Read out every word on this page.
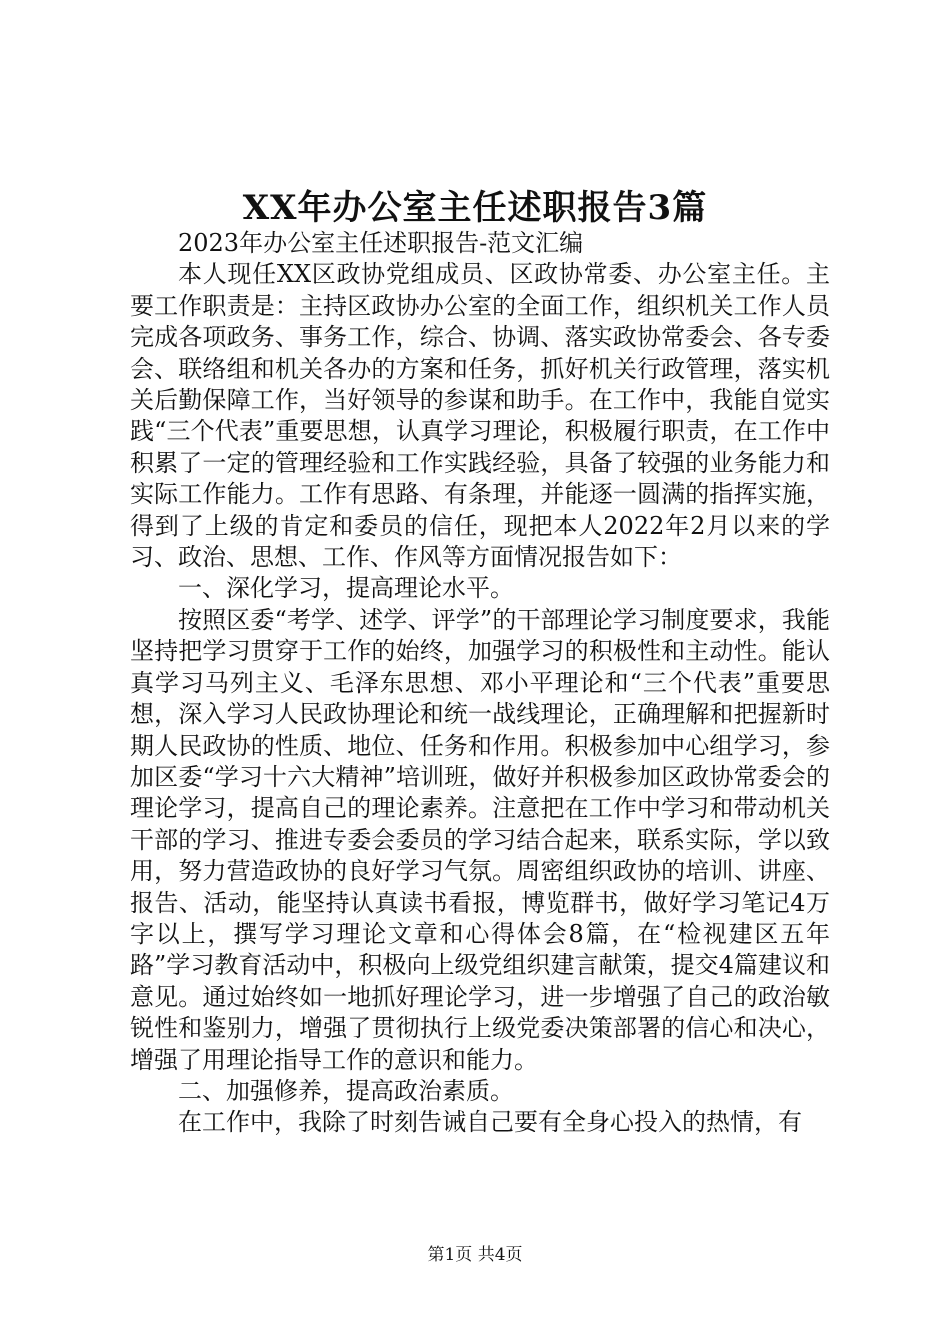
XX年办公室主任述职报告3篇

2023年办公室主任述职报告-范文汇编

本人现任XX区政协党组成员、区政协常委、办公室主任。主要工作职责是：主持区政协办公室的全面工作，组织机关工作人员完成各项政务、事务工作，综合、协调、落实政协常委会、各专委会、联络组和机关各办的方案和任务，抓好机关行政管理，落实机关后勤保障工作，当好领导的参谋和助手。在工作中，我能自觉实践“三个代表”重要思想，认真学习理论，积极履行职责，在工作中积累了一定的管理经验和工作实践经验，具备了较强的业务能力和实际工作能力。工作有思路、有条理，并能逐一圆满的指挥实施，得到了上级的肯定和委员的信任，现把本人2022年2月以来的学习、政治、思想、工作、作风等方面情况报告如下：

一、深化学习，提高理论水平。

按照区委“考学、述学、评学”的干部理论学习制度要求，我能坚持把学习贯穿于工作的始终，加强学习的积极性和主动性。能认真学习马列主义、毛泽东思想、邓小平理论和“三个代表”重要思想，深入学习人民政协理论和统一战线理论，正确理解和把握新时期人民政协的性质、地位、任务和作用。积极参加中心组学习，参加区委“学习十六大精神”培训班，做好并积极参加区政协常委会的理论学习，提高自己的理论素养。注意把在工作中学习和带动机关干部的学习、推进专委会委员的学习结合起来，联系实际，学以致用，努力营造政协的良好学习气氛。周密组织政协的培训、讲座、报告、活动，能坚持认真读书看报，博览群书，做好学习笔记4万字以上，撰写学习理论文章和心得体会8篇，在“检视建区五年路”学习教育活动中，积极向上级党组织建言献策，提交4篇建议和意见。通过始终如一地抓好理论学习，进一步增强了自己的政治敏锐性和鉴别力，增强了贯彻执行上级党委决策部署的信心和决心，增强了用理论指导工作的意识和能力。

二、加强修养，提高政治素质。

在工作中，我除了时刻告诫自己要有全身心投入的热情，有

第1页 共4页
